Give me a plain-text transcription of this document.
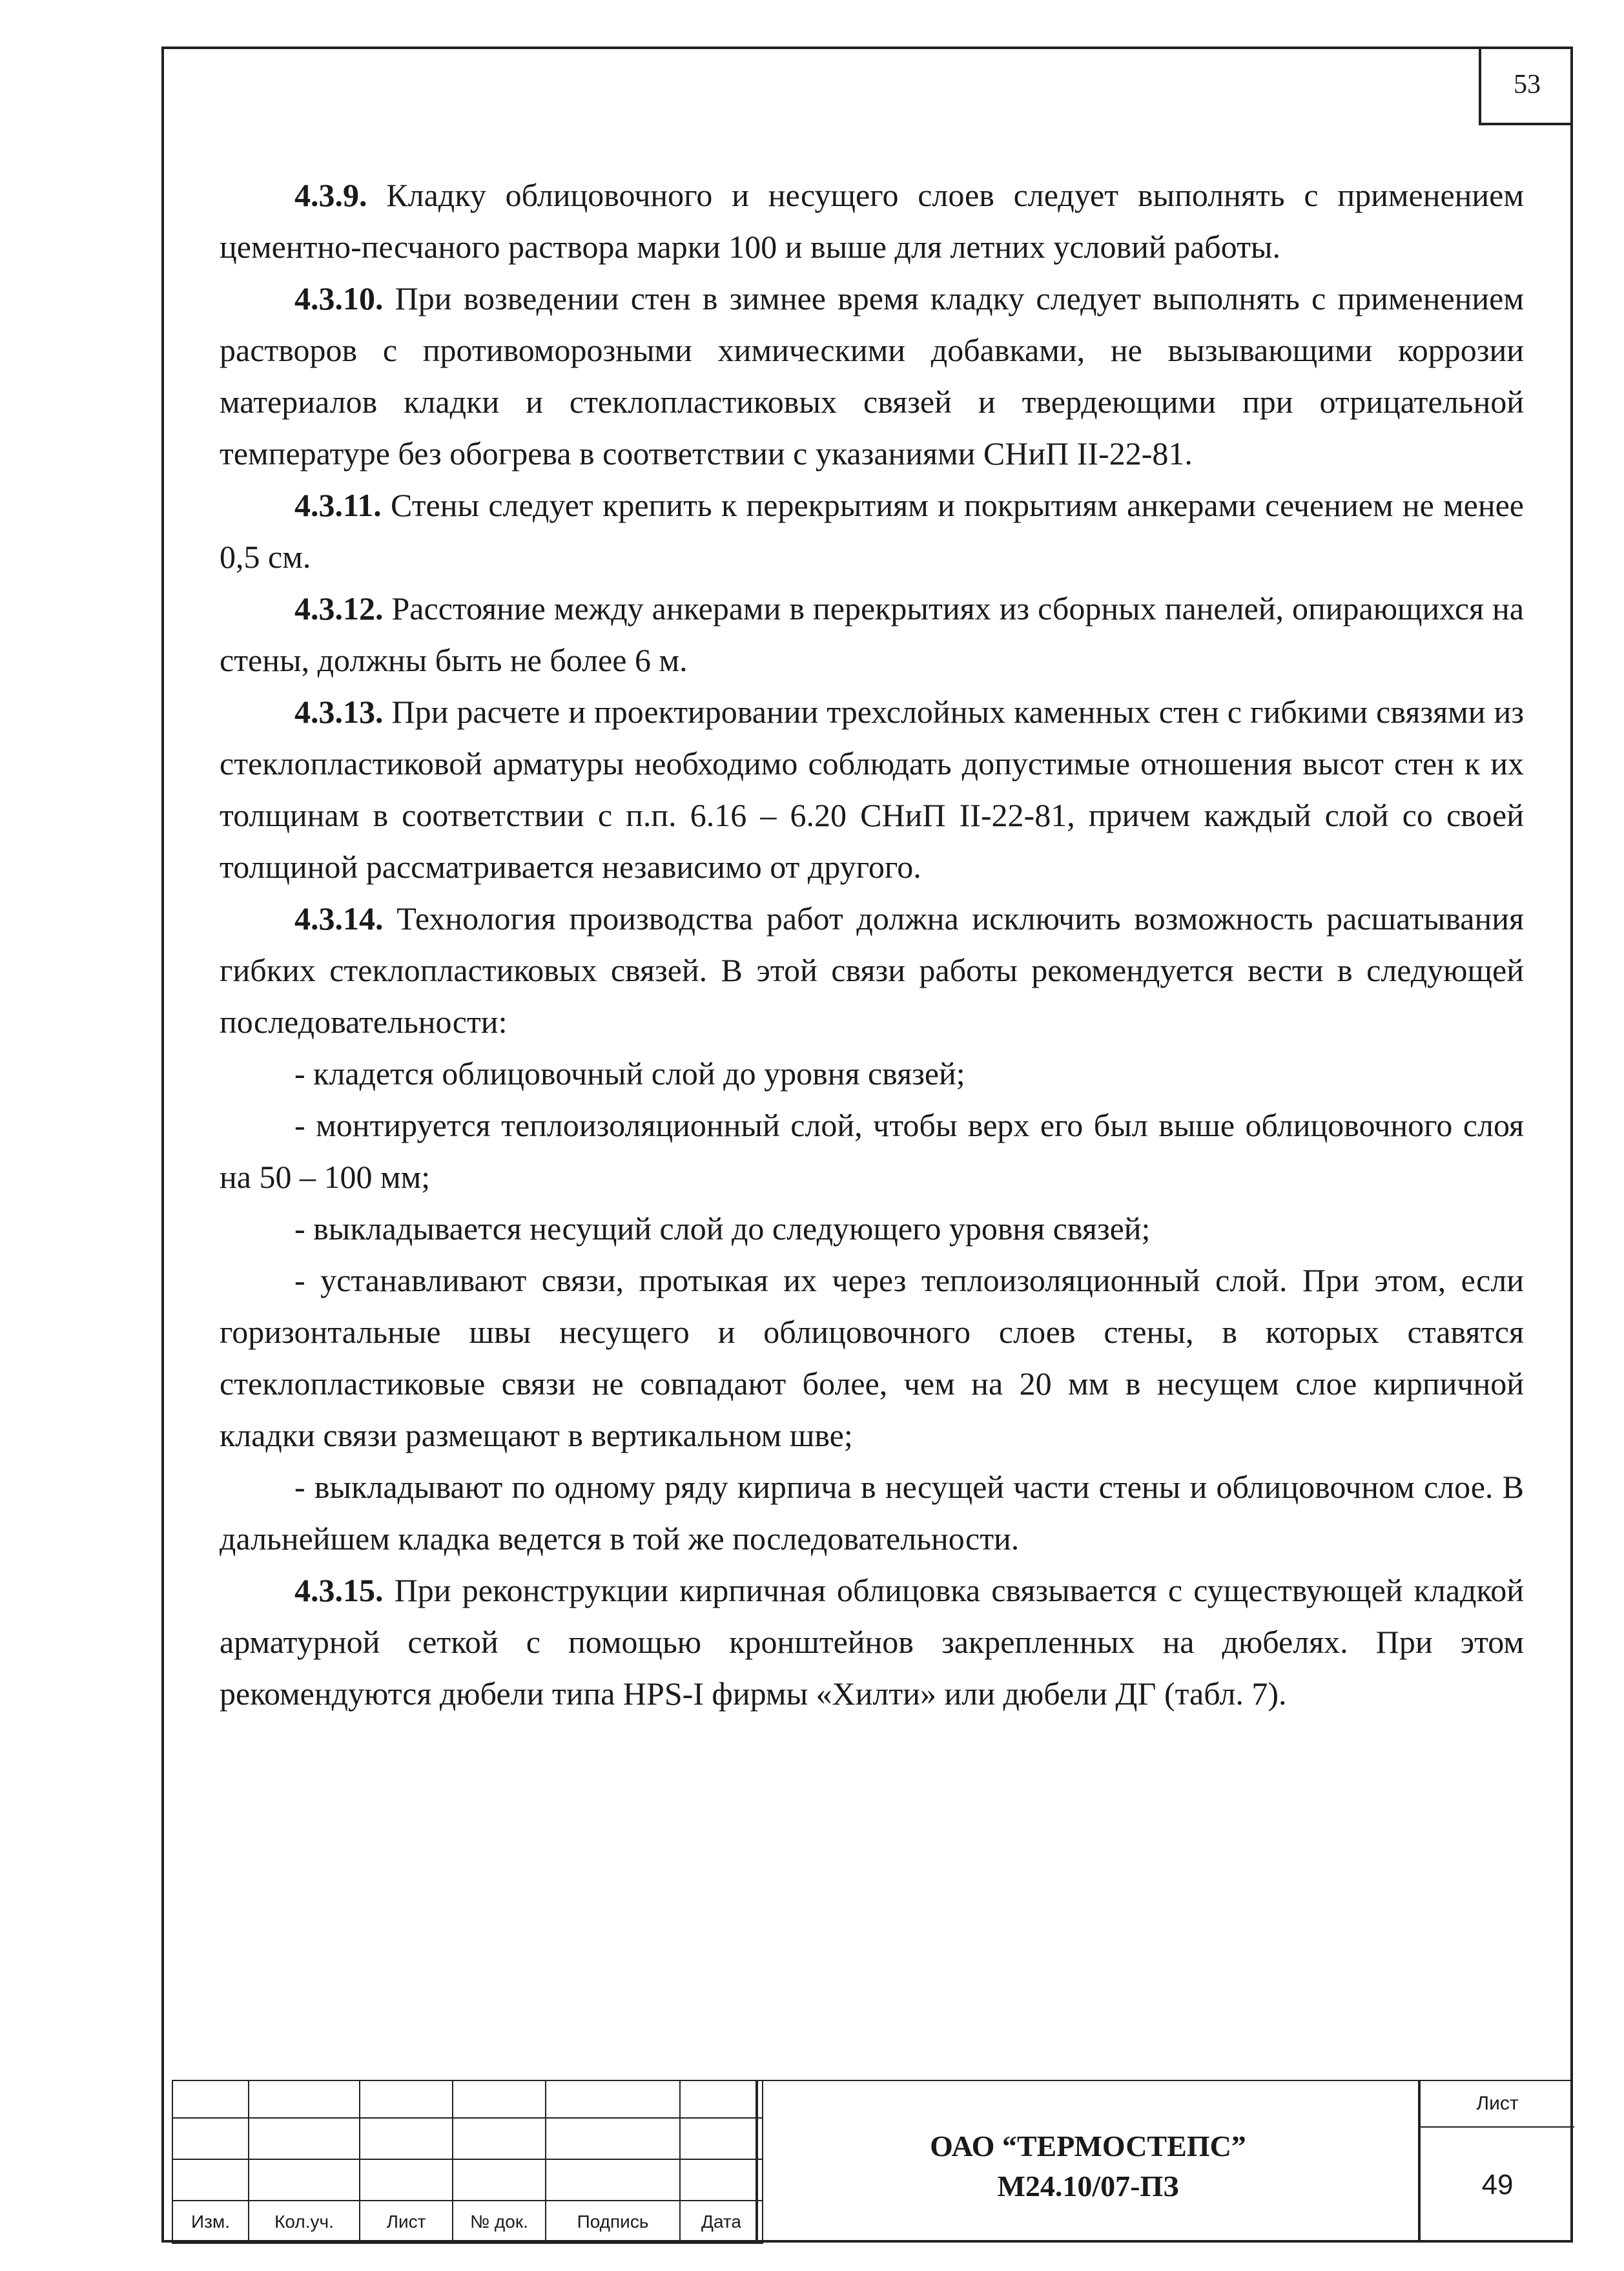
53

4.3.9. Кладку облицовочного и несущего слоев следует выполнять с применением цементно-песчаного раствора марки 100 и выше для летних условий работы.

4.3.10. При возведении стен в зимнее время кладку следует выполнять с применением растворов с противоморозными химическими добавками, не вызывающими коррозии материалов кладки и стеклопластиковых связей и твердеющими при отрицательной температуре без обогрева в соответствии с указаниями СНиП II-22-81.

4.3.11. Стены следует крепить к перекрытиям и покрытиям анкерами сечением не менее 0,5 см.

4.3.12. Расстояние между анкерами в перекрытиях из сборных панелей, опирающихся на стены, должны быть не более 6 м.

4.3.13. При расчете и проектировании трехслойных каменных стен с гибкими связями из стеклопластиковой арматуры необходимо соблюдать допустимые отношения высот стен к их толщинам в соответствии с п.п. 6.16 – 6.20 СНиП II-22-81, причем каждый слой со своей толщиной рассматривается независимо от другого.

4.3.14. Технология производства работ должна исключить возможность расшатывания гибких стеклопластиковых связей. В этой связи работы рекомендуется вести в следующей последовательности:

- кладется облицовочный слой до уровня связей;

- монтируется теплоизоляционный слой, чтобы верх его был выше облицовочного слоя на 50 – 100 мм;

- выкладывается несущий слой до следующего уровня связей;

- устанавливают связи, протыкая их через теплоизоляционный слой. При этом, если горизонтальные швы несущего и облицовочного слоев стены, в которых ставятся стеклопластиковые связи не совпадают более, чем на 20 мм в несущем слое кирпичной кладки связи размещают в вертикальном шве;

- выкладывают по одному ряду кирпича в несущей части стены и облицовочном слое. В дальнейшем кладка ведется в той же последовательности.

4.3.15. При реконструкции кирпичная облицовка связывается с существующей кладкой арматурной сеткой с помощью кронштейнов закрепленных на дюбелях. При этом рекомендуются дюбели типа HPS-I фирмы «Хилти» или дюбели ДГ (табл. 7).

Изм.	Кол.уч.	Лист	№ док.	Подпись	Дата
ОАО “ТЕРМОСТЕПС”
М24.10/07-ПЗ
Лист
49
